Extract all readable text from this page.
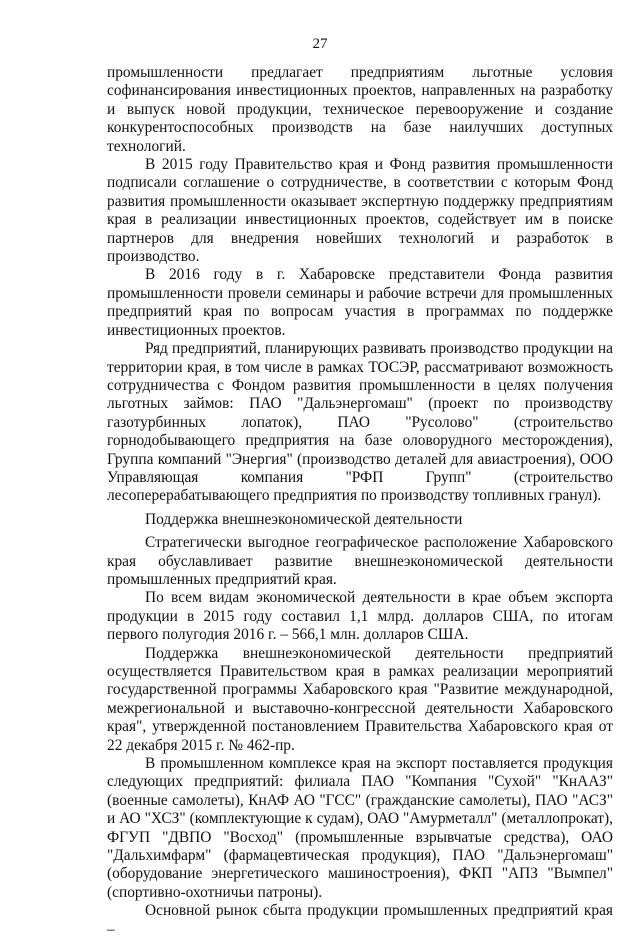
27

промышленности предлагает предприятиям льготные условия софинансирования инвестиционных проектов, направленных на разработку и выпуск новой продукции, техническое перевооружение и создание конкурентоспособных производств на базе наилучших доступных технологий.

В 2015 году Правительство края и Фонд развития промышленности подписали соглашение о сотрудничестве, в соответствии с которым Фонд развития промышленности оказывает экспертную поддержку предприятиям края в реализации инвестиционных проектов, содействует им в поиске партнеров для внедрения новейших технологий и разработок в производство.

В 2016 году в г. Хабаровске представители Фонда развития промышленности провели семинары и рабочие встречи для промышленных предприятий края по вопросам участия в программах по поддержке инвестиционных проектов.

Ряд предприятий, планирующих развивать производство продукции на территории края, в том числе в рамках ТОСЭР, рассматривают возможность сотрудничества с Фондом развития промышленности в целях получения льготных займов: ПАО "Дальэнергомаш" (проект по производству газотурбинных лопаток), ПАО "Русолово" (строительство горнодобывающего предприятия на базе оловорудного месторождения), Группа компаний "Энергия" (производство деталей для авиастроения), ООО Управляющая компания "РФП Групп" (строительство лесоперерабатывающего предприятия по производству топливных гранул).

Поддержка внешнеэкономической деятельности

Стратегически выгодное географическое расположение Хабаровского края обуславливает развитие внешнеэкономической деятельности промышленных предприятий края.

По всем видам экономической деятельности в крае объем экспорта продукции в 2015 году составил 1,1 млрд. долларов США, по итогам первого полугодия 2016 г. – 566,1 млн. долларов США.

Поддержка внешнеэкономической деятельности предприятий осуществляется Правительством края в рамках реализации мероприятий государственной программы Хабаровского края "Развитие международной, межрегиональной и выставочно-конгрессной деятельности Хабаровского края", утвержденной постановлением Правительства Хабаровского края от 22 декабря 2015 г. № 462-пр.

В промышленном комплексе края на экспорт поставляется продукция следующих предприятий: филиала ПАО "Компания "Сухой" "КнААЗ" (военные самолеты), КнАФ АО "ГСС" (гражданские самолеты), ПАО "АСЗ" и АО "ХСЗ" (комплектующие к судам), ОАО "Амурметалл" (металлопрокат), ФГУП "ДВПО "Восход" (промышленные взрывчатые средства), ОАО "Дальхимфарм" (фармацевтическая продукция), ПАО "Дальэнергомаш" (оборудование энергетического машиностроения), ФКП "АПЗ "Вымпел" (спортивно-охотничьи патроны).

Основной рынок сбыта продукции промышленных предприятий края –
